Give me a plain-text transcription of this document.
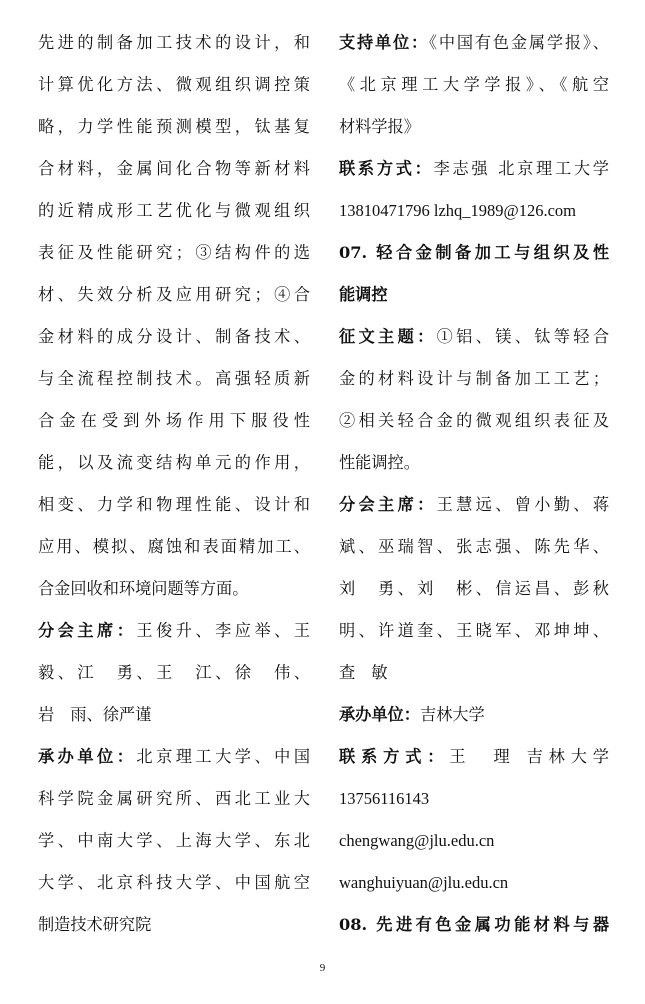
先进的制备加工技术的设计，和
计算优化方法、微观组织调控策
略，力学性能预测模型，钛基复
合材料，金属间化合物等新材料
的近精成形工艺优化与微观组织
表征及性能研究；③结构件的选
材、失效分析及应用研究；④合
金材料的成分设计、制备技术、
与全流程控制技术。高强轻质新
合金在受到外场作用下服役性
能，以及流变结构单元的作用，
相变、力学和物理性能、设计和
应用、模拟、腐蚀和表面精加工、
合金回收和环境问题等方面。
分会主席：王俊升、李应举、王
毅、江　勇、王　江、徐　伟、
岩　雨、徐严谨
承办单位：北京理工大学、中国
科学院金属研究所、西北工业大
学、中南大学、上海大学、东北
大学、北京科技大学、中国航空
制造技术研究院
支持单位：《中国有色金属学报》、
《北京理工大学学报》、《航空
材料学报》
联系方式：李志强 北京理工大学
13810471796 lzhq_1989@126.com
07. 轻合金制备加工与组织及性
能调控
征文主题：①铝、镁、钛等轻合
金的材料设计与制备加工工艺；
②相关轻合金的微观组织表征及
性能调控。
分会主席：王慧远、曾小勤、蒋
斌、巫瑞智、张志强、陈先华、
刘　勇、刘　彬、信运昌、彭秋
明、许道奎、王晓军、邓坤坤、
查　敏
承办单位：吉林大学
联系方式：王　理 吉林大学
13756116143
chengwang@jlu.edu.cn
wanghuiyuan@jlu.edu.cn
08. 先进有色金属功能材料与器
9
